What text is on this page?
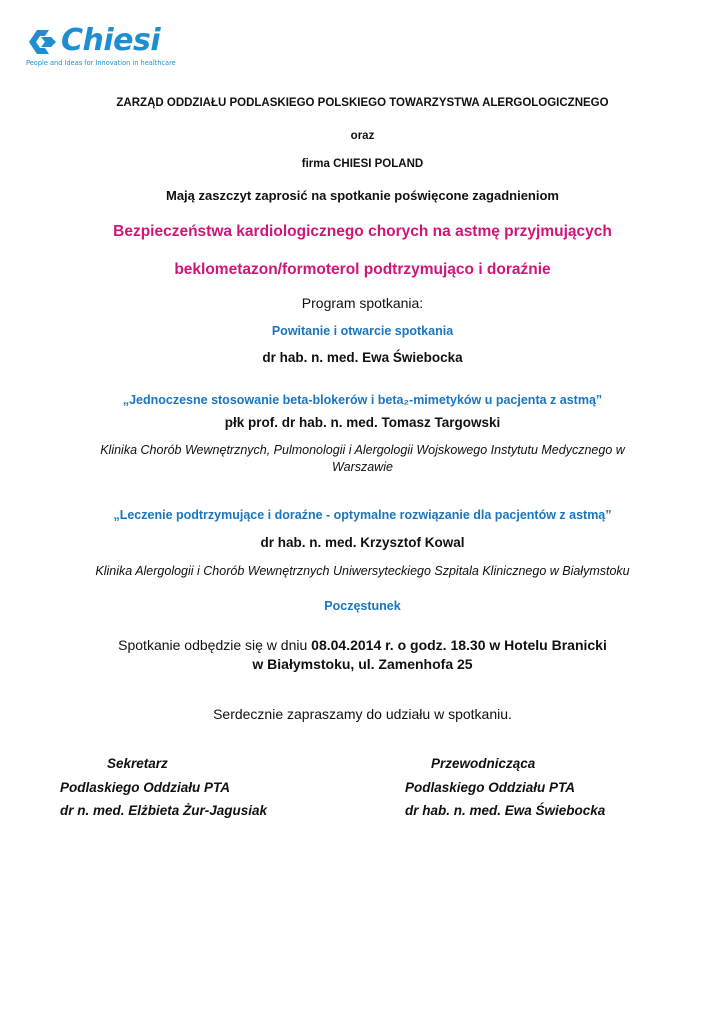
Chiesi
People and Ideas for Innovation in healthcare
ZARZĄD ODDZIAŁU PODLASKIEGO POLSKIEGO TOWARZYSTWA ALERGOLOGICZNEGO
oraz
firma CHIESI POLAND
Mają zaszczyt zaprosić na spotkanie poświęcone zagadnieniom
Bezpieczeństwa kardiologicznego chorych na astmę przyjmujących
beklometazon/formoterol podtrzymująco i doraźnie
Program spotkania:
Powitanie i otwarcie spotkania
dr hab. n. med. Ewa Świebocka
„Jednoczesne stosowanie beta-blokerów i beta₂-mimetyków u pacjenta z astmą”
płk prof. dr hab. n. med. Tomasz Targowski
Klinika Chorób Wewnętrznych, Pulmonologii i Alergologii Wojskowego Instytutu Medycznego w
Warszawie
„Leczenie podtrzymujące i doraźne - optymalne rozwiązanie dla pacjentów z astmą”
dr hab. n. med. Krzysztof Kowal
Klinika Alergologii i Chorób Wewnętrznych Uniwersyteckiego Szpitala Klinicznego w Białymstoku
Poczęstunek
Spotkanie odbędzie się w dniu 08.04.2014 r. o godz. 18.30 w Hotelu Branicki
w Białymstoku, ul. Zamenhofa 25
Serdecznie zapraszamy do udziału w spotkaniu.
Sekretarz
Podlaskiego Oddziału PTA
dr n. med. Elżbieta Żur-Jagusiak
Przewodnicząca
Podlaskiego Oddziału PTA
dr hab. n. med. Ewa Świebocka
